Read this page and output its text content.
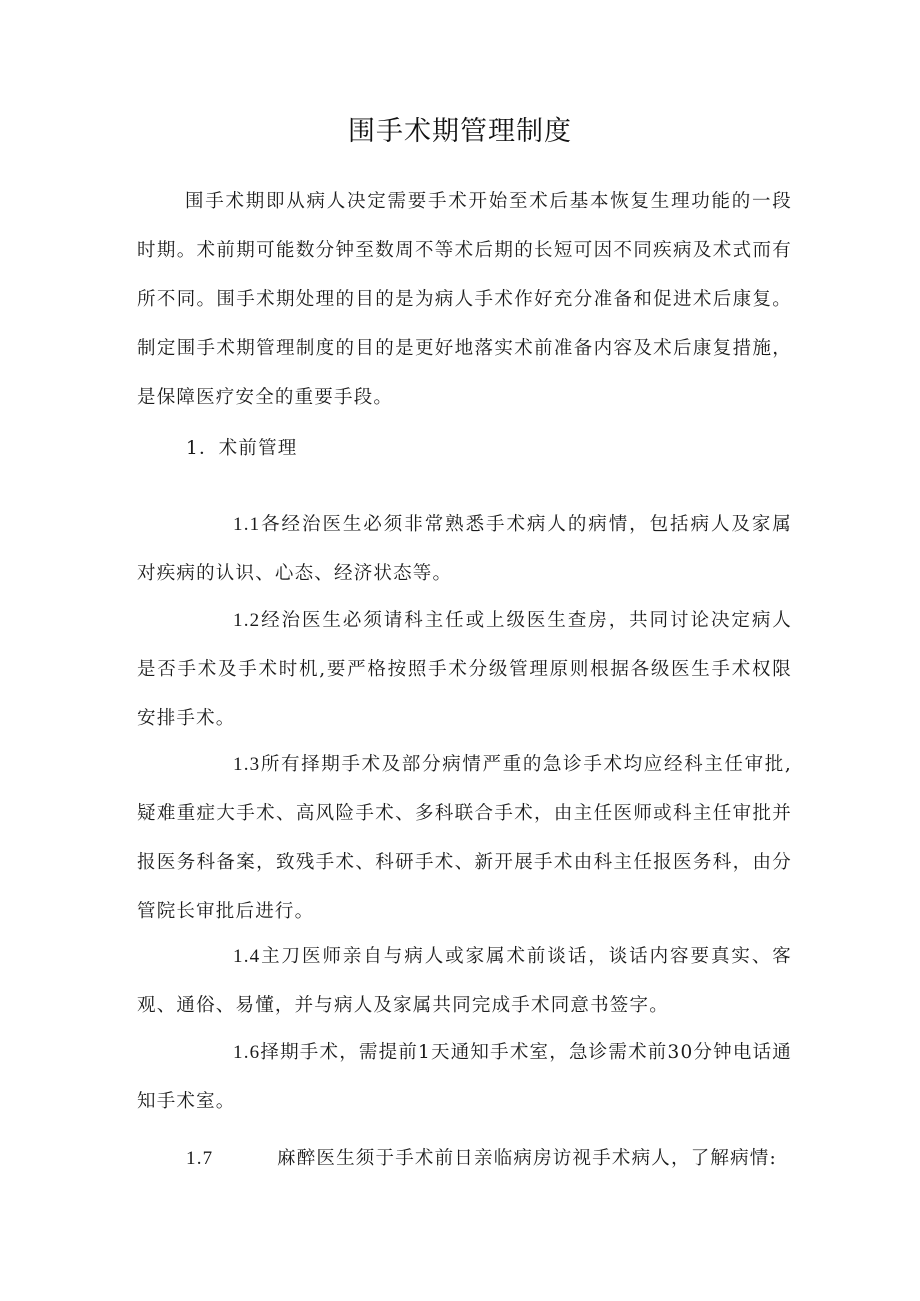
围手术期管理制度
围手术期即从病人决定需要手术开始至术后基本恢复生理功能的一段时期。术前期可能数分钟至数周不等术后期的长短可因不同疾病及术式而有所不同。围手术期处理的目的是为病人手术作好充分准备和促进术后康复。制定围手术期管理制度的目的是更好地落实术前准备内容及术后康复措施，是保障医疗安全的重要手段。
1．术前管理
1.1各经治医生必须非常熟悉手术病人的病情，包括病人及家属对疾病的认识、心态、经济状态等。
1.2经治医生必须请科主任或上级医生查房，共同讨论决定病人是否手术及手术时机,要严格按照手术分级管理原则根据各级医生手术权限安排手术。
1.3所有择期手术及部分病情严重的急诊手术均应经科主任审批,疑难重症大手术、高风险手术、多科联合手术，由主任医师或科主任审批并报医务科备案，致残手术、科研手术、新开展手术由科主任报医务科，由分管院长审批后进行。
1.4主刀医师亲自与病人或家属术前谈话，谈话内容要真实、客观、通俗、易懂，并与病人及家属共同完成手术同意书签字。
1.6择期手术，需提前1天通知手术室，急诊需术前30分钟电话通知手术室。
1.7	麻醉医生须于手术前日亲临病房访视手术病人，了解病情:
